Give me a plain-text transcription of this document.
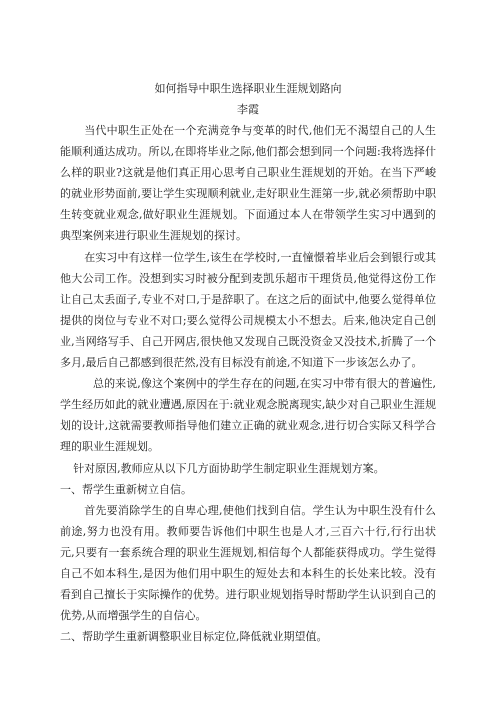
如何指导中职生选择职业生涯规划路向
李霞

当代中职生正处在一个充满竞争与变革的时代,他们无不渴望自己的人生能顺利通达成功。所以,在即将毕业之际,他们都会想到同一个问题:我将选择什么样的职业?这就是他们真正用心思考自己职业生涯规划的开始。在当下严峻的就业形势面前,要让学生实现顺利就业,走好职业生涯第一步,就必须帮助中职生转变就业观念,做好职业生涯规划。下面通过本人在带领学生实习中遇到的典型案例来进行职业生涯规划的探讨。

在实习中有这样一位学生,该生在学校时,一直憧憬着毕业后会到银行或其他大公司工作。没想到实习时被分配到麦凯乐超市干理货员,他觉得这份工作让自己太丢面子,专业不对口,于是辞职了。在这之后的面试中,他要么觉得单位提供的岗位与专业不对口;要么觉得公司规模太小不想去。后来,他决定自己创业,当网络写手、自己开网店,很快他又发现自己既没资金又没技术,折腾了一个多月,最后自己都感到很茫然,没有目标没有前途,不知道下一步该怎么办了。

总的来说,像这个案例中的学生存在的问题,在实习中带有很大的普遍性,学生经历如此的就业遭遇,原因在于:就业观念脱离现实,缺少对自己职业生涯规划的设计,这就需要教师指导他们建立正确的就业观念,进行切合实际又科学合理的职业生涯规划。

针对原因,教师应从以下几方面协助学生制定职业生涯规划方案。

一、帮学生重新树立自信。

首先要消除学生的自卑心理,使他们找到自信。学生认为中职生没有什么前途,努力也没有用。教师要告诉他们中职生也是人才,三百六十行,行行出状元,只要有一套系统合理的职业生涯规划,相信每个人都能获得成功。学生觉得自己不如本科生,是因为他们用中职生的短处去和本科生的长处来比较。没有看到自己擅长于实际操作的优势。进行职业规划指导时帮助学生认识到自己的优势,从而增强学生的自信心。

二、帮助学生重新调整职业目标定位,降低就业期望值。
